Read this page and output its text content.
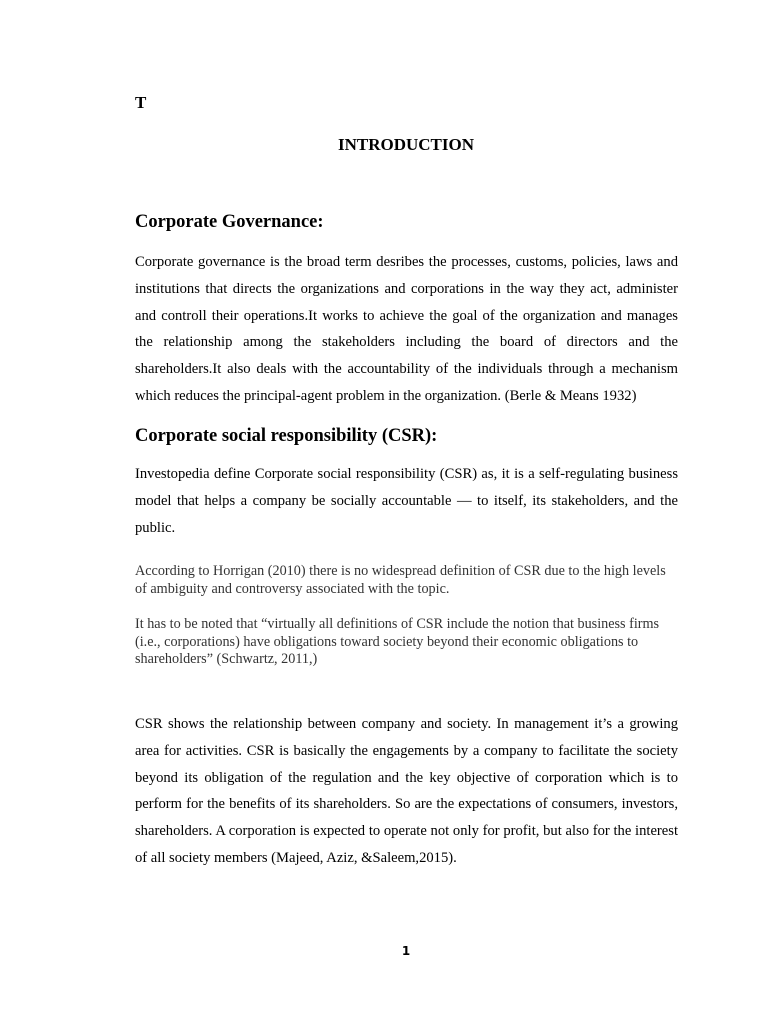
T
INTRODUCTION
Corporate Governance:

Corporate governance is the broad term desribes the processes, customs, policies, laws and institutions that directs the organizations and corporations in the way they act, administer and controll their operations.It works to achieve the goal of the organization and manages the relationship among the stakeholders including the board of directors and the shareholders.It also deals with the accountability of the individuals through a mechanism which reduces the principal-agent problem in the organization. (Berle & Means 1932)

Corporate social responsibility (CSR):

Investopedia define Corporate social responsibility (CSR) as, it is a self-regulating business model that helps a company be socially accountable — to itself, its stakeholders, and the public.

According to Horrigan (2010) there is no widespread definition of CSR due to the high levels of ambiguity and controversy associated with the topic.

It has to be noted that “virtually all definitions of CSR include the notion that business firms (i.e., corporations) have obligations toward society beyond their economic obligations to shareholders” (Schwartz, 2011,)

CSR shows the relationship between company and society. In management it’s a growing area for activities. CSR is basically the engagements by a company to facilitate the society beyond its obligation of the regulation and the key objective of corporation which is to perform for the benefits of its shareholders. So are the expectations of consumers, investors, shareholders. A corporation is expected to operate not only for profit, but also for the interest of all society members (Majeed, Aziz, &Saleem,2015).

1
